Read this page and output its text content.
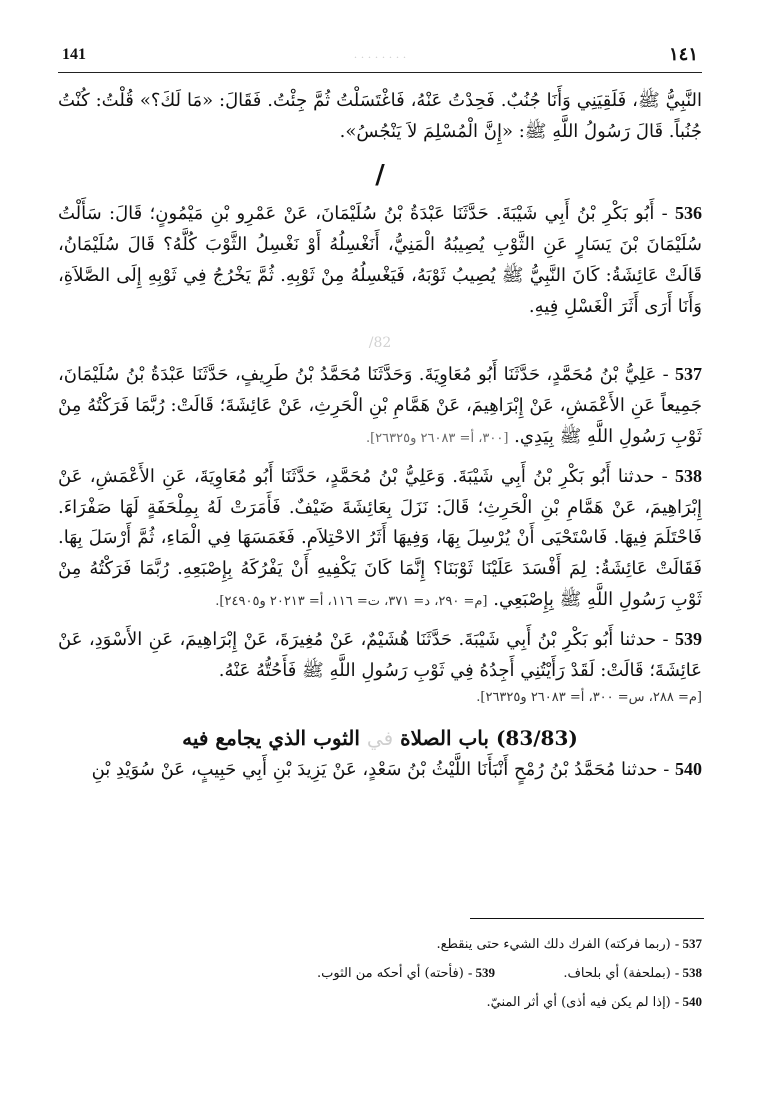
141	· · · · · · · ·	١٤١

النَّبِيُّ ﷺ، فَلَقِيَنِي وَأَنَا جُنُبٌ. فَحِدْتُ عَنْهُ، فَاغْتَسَلْتُ ثُمَّ جِئْتُ. فَقَالَ: «مَا لَكَ؟» قُلْتُ: كُنْتُ جُنُباً. قَالَ رَسُولُ اللَّهِ ﷺ: «إِنَّ الْمُسْلِمَ لاَ يَنْجُسُ».

/

536 - أَبُو بَكْرِ بْنُ أَبِي شَيْبَةَ. حَدَّثَنَا عَبْدَةُ بْنُ سُلَيْمَانَ، عَنْ عَمْرِو بْنِ مَيْمُونٍ؛ قَالَ: سَأَلْتُ سُلَيْمَانَ بْنَ يَسَارٍ عَنِ الثَّوْبِ يُصِيبُهُ الْمَنِيُّ، أَنَغْسِلُهُ أَوْ نَغْسِلُ الثَّوْبَ كُلَّهُ؟ قَالَ سُلَيْمَانُ، قَالَتْ عَائِشَةُ: كَانَ النَّبِيُّ ﷺ يُصِيبُ ثَوْبَهُ، فَيَغْسِلُهُ مِنْ ثَوْبِهِ. ثُمَّ يَخْرُجُ فِي ثَوْبِهِ إِلَى الصَّلاَةِ، وَأَنَا أَرَى أَثَرَ الْغَسْلِ فِيهِ.

82/

537 - عَلِيُّ بْنُ مُحَمَّدٍ، حَدَّثَنَا أَبُو مُعَاوِيَةَ. وَحَدَّثَنَا مُحَمَّدُ بْنُ طَرِيفٍ، حَدَّثَنَا عَبْدَةُ بْنُ سُلَيْمَانَ، جَمِيعاً عَنِ الأَعْمَشِ، عَنْ إِبْرَاهِيمَ، عَنْ هَمَّامِ بْنِ الْحَرِثِ، عَنْ عَائِشَةَ؛ قَالَتْ: رُبَّمَا فَرَكْتُهُ مِنْ ثَوْبِ رَسُولِ اللَّهِ ﷺ بِيَدِي. [٣٠٠، أ= ٢٦٠٨٣ و٢٦٣٢٥].

538 - حدثنا أَبُو بَكْرِ بْنُ أَبِي شَيْبَةَ. وَعَلِيُّ بْنُ مُحَمَّدٍ، حَدَّثَنَا أَبُو مُعَاوِيَةَ، عَنِ الأَعْمَشِ، عَنْ إِبْرَاهِيمَ، عَنْ هَمَّامِ بْنِ الْحَرِثِ؛ قَالَ: نَزَلَ بِعَائِشَةَ ضَيْفٌ. فَأَمَرَتْ لَهُ بِمِلْحَفَةٍ لَهَا صَفْرَاءَ. فَاحْتَلَمَ فِيهَا. فَاسْتَحْيَى أَنْ يُرْسِلَ بِهَا، وَفِيهَا أَثَرُ الاحْتِلاَمِ. فَغَمَسَهَا فِي الْمَاءِ، ثُمَّ أَرْسَلَ بِهَا. فَقَالَتْ عَائِشَةُ: لِمَ أَفْسَدَ عَلَيْنَا ثَوْبَنَا؟ إِنَّمَا كَانَ يَكْفِيهِ أَنْ يَفْرُكَهُ بِإِصْبَعِهِ. رُبَّمَا فَرَكْتُهُ مِنْ ثَوْبِ رَسُولِ اللَّهِ ﷺ بِإِصْبَعِي. [م= ٢٩٠، د= ٣٧١، ت= ١١٦، أ= ٢٠٢١٣ و٢٤٩٠٥].

539 - حدثنا أَبُو بَكْرِ بْنُ أَبِي شَيْبَةَ. حَدَّثَنَا هُشَيْمٌ، عَنْ مُغِيرَةَ، عَنْ إِبْرَاهِيمَ، عَنِ الأَسْوَدِ، عَنْ عَائِشَةَ؛ قَالَتْ: لَقَدْ رَأَيْتُنِي أَجِدُهُ فِي ثَوْبِ رَسُولِ اللَّهِ ﷺ فَأَحُتُّهُ عَنْهُ.

[م= ٢٨٨، س= ٣٠٠، أ= ٢٦٠٨٣ و٢٦٣٢٥].

(83/83) باب الصلاة في الثوب الذي يجامع فيه

540 - حدثنا مُحَمَّدُ بْنُ رُمْحٍ أَنْبَأَنَا اللَّيْثُ بْنُ سَعْدٍ، عَنْ يَزِيدَ بْنِ أَبِي حَبِيبٍ، عَنْ سُوَيْدِ بْنِ

537 - (ربما فركته) الفرك دلك الشيء حتى ينقطع.
538 - (بملحفة) أي بلحاف.  539 - (فأحته) أي أحكه من الثوب.
540 - (إذا لم يكن فيه أذى) أي أثر المنيّ.
